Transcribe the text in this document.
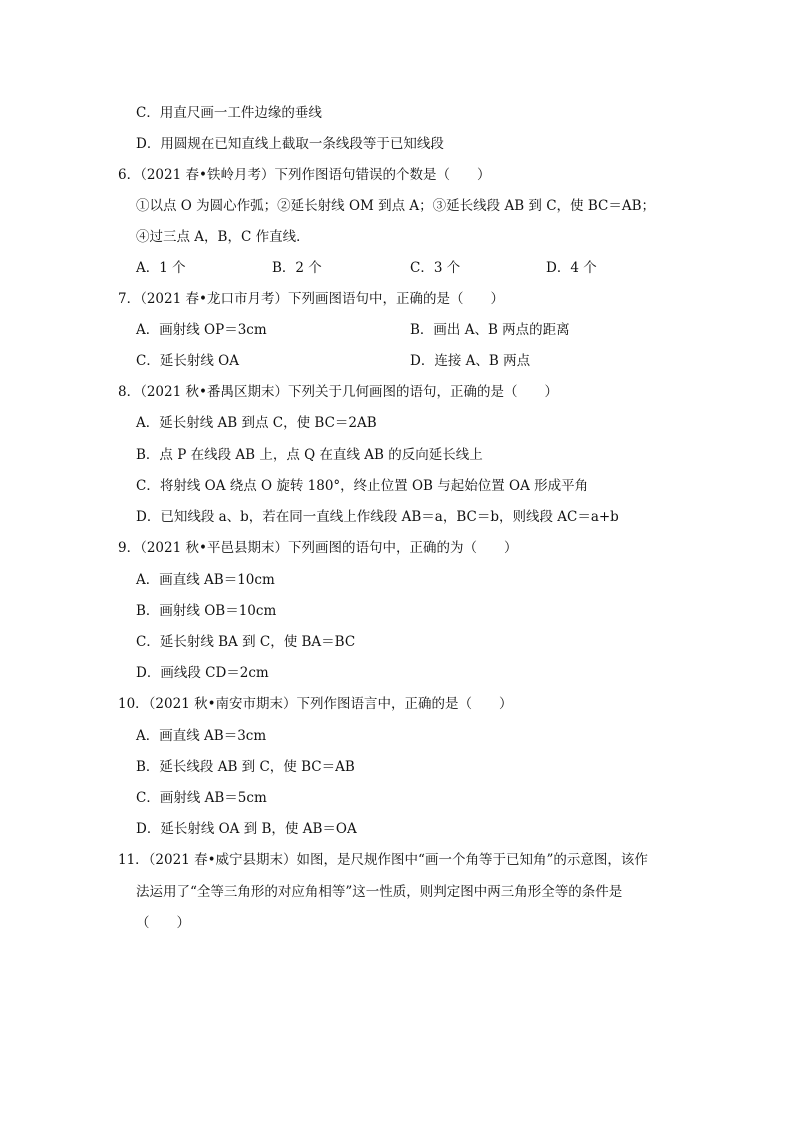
C．用直尺画一工件边缘的垂线
D．用圆规在已知直线上截取一条线段等于已知线段
6．（2021 春•铁岭月考）下列作图语句错误的个数是（　　）
①以点 O 为圆心作弧；②延长射线 OM 到点 A；③延长线段 AB 到 C，使 BC＝AB；
④过三点 A，B，C 作直线．
A．1 个	B．2 个	C．3 个	D．4 个
7．（2021 春•龙口市月考）下列画图语句中，正确的是（　　）
A．画射线 OP＝3cm	B．画出 A、B 两点的距离
C．延长射线 OA	D．连接 A、B 两点
8．（2021 秋•番禺区期末）下列关于几何画图的语句，正确的是（　　）
A．延长射线 AB 到点 C，使 BC＝2AB
B．点 P 在线段 AB 上，点 Q 在直线 AB 的反向延长线上
C．将射线 OA 绕点 O 旋转 180°，终止位置 OB 与起始位置 OA 形成平角
D．已知线段 a、b，若在同一直线上作线段 AB＝a，BC＝b，则线段 AC＝a+b
9．（2021 秋•平邑县期末）下列画图的语句中，正确的为（　　）
A．画直线 AB＝10cm
B．画射线 OB＝10cm
C．延长射线 BA 到 C，使 BA＝BC
D．画线段 CD＝2cm
10．（2021 秋•南安市期末）下列作图语言中，正确的是（　　）
A．画直线 AB＝3cm
B．延长线段 AB 到 C，使 BC＝AB
C．画射线 AB＝5cm
D．延长射线 OA 到 B，使 AB＝OA
11．（2021 春•威宁县期末）如图，是尺规作图中“画一个角等于已知角”的示意图，该作
法运用了“全等三角形的对应角相等”这一性质，则判定图中两三角形全等的条件是
（　　）
